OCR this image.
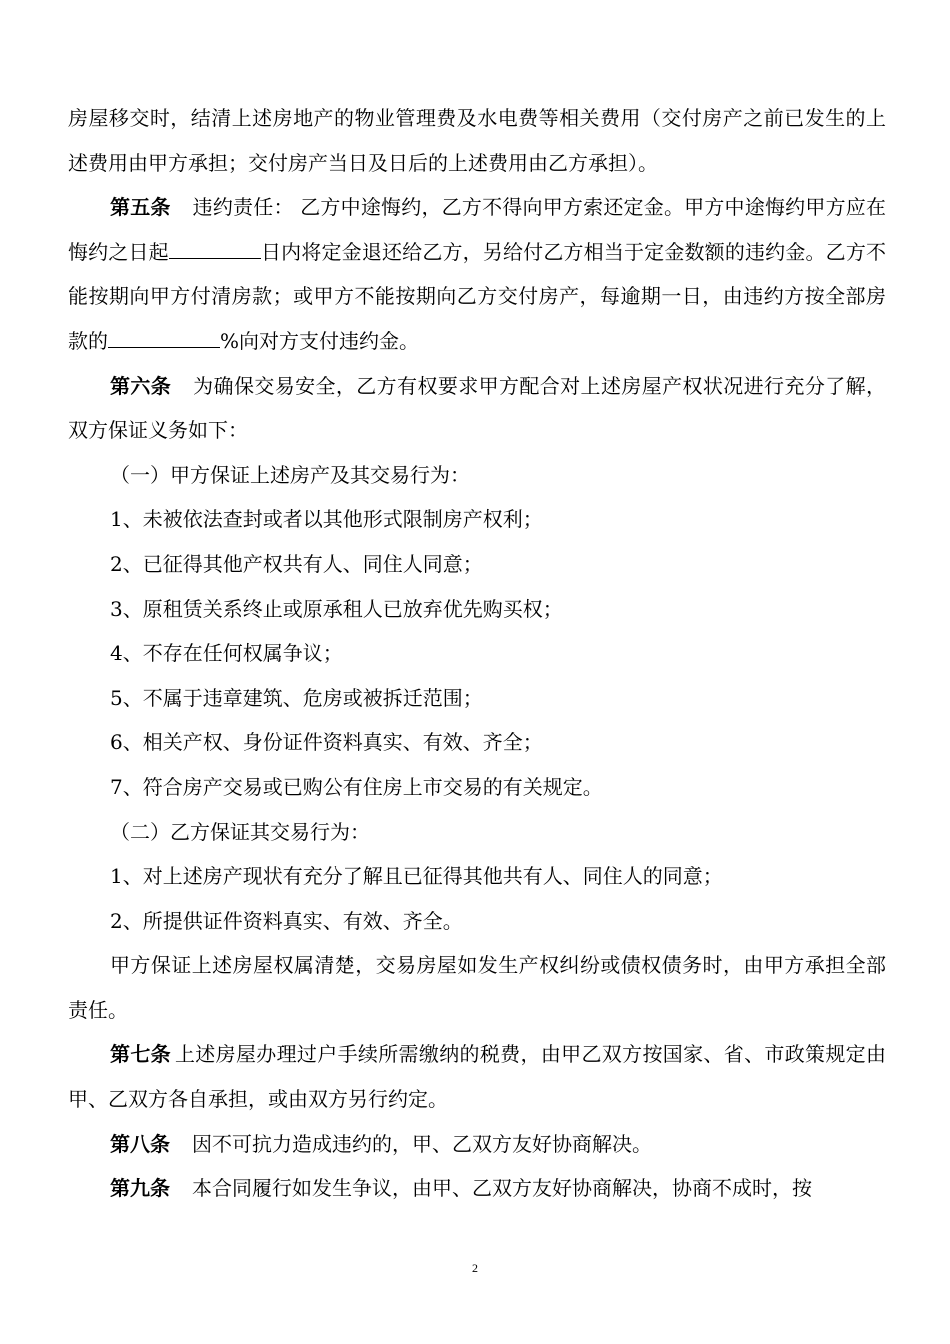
房屋移交时，结清上述房地产的物业管理费及水电费等相关费用（交付房产之前已发生的上述费用由甲方承担；交付房产当日及日后的上述费用由乙方承担）。

第五条 违约责任： 乙方中途悔约，乙方不得向甲方索还定金。甲方中途悔约甲方应在悔约之日起	日内将定金退还给乙方，另给付乙方相当于定金数额的违约金。乙方不能按期向甲方付清房款；或甲方不能按期向乙方交付房产，每逾期一日，由违约方按全部房款的	%向对方支付违约金。

第六条 为确保交易安全，乙方有权要求甲方配合对上述房屋产权状况进行充分了解，双方保证义务如下：

（一）甲方保证上述房产及其交易行为：

1、未被依法查封或者以其他形式限制房产权利；

2、已征得其他产权共有人、同住人同意；

3、原租赁关系终止或原承租人已放弃优先购买权；

4、不存在任何权属争议；

5、不属于违章建筑、危房或被拆迁范围；

6、相关产权、身份证件资料真实、有效、齐全；

7、符合房产交易或已购公有住房上市交易的有关规定。

（二）乙方保证其交易行为：

1、对上述房产现状有充分了解且已征得其他共有人、同住人的同意；

2、所提供证件资料真实、有效、齐全。

甲方保证上述房屋权属清楚，交易房屋如发生产权纠纷或债权债务时，由甲方承担全部责任。

第七条 上述房屋办理过户手续所需缴纳的税费，由甲乙双方按国家、省、市政策规定由甲、乙双方各自承担，或由双方另行约定。

第八条 因不可抗力造成违约的，甲、乙双方友好协商解决。

第九条 本合同履行如发生争议，由甲、乙双方友好协商解决，协商不成时，按

2
